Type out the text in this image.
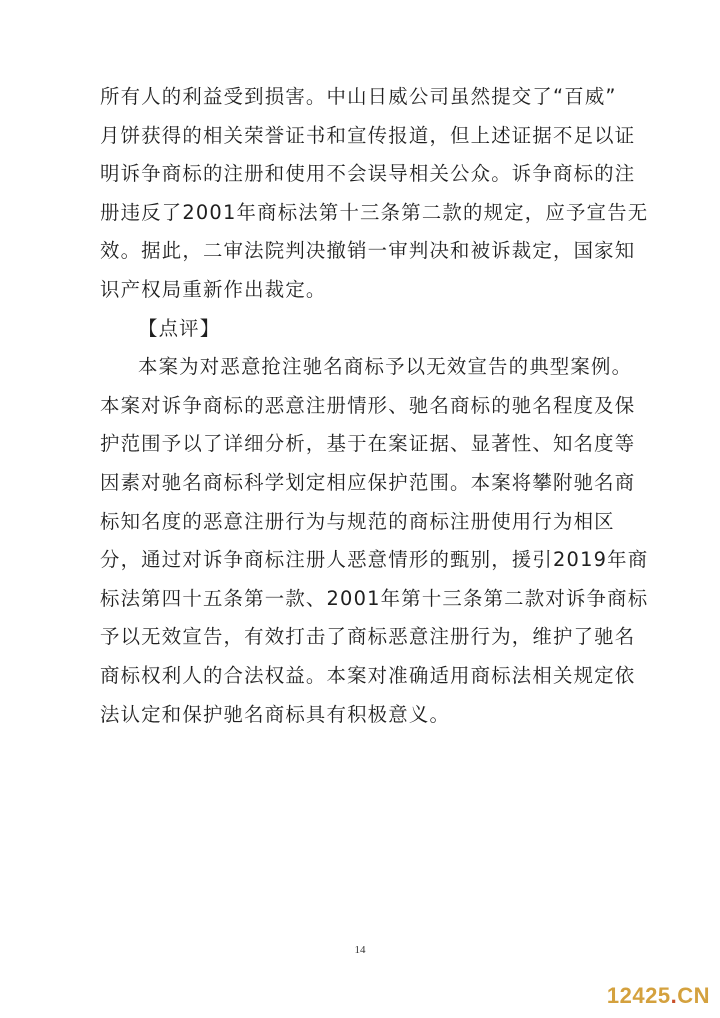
所有人的利益受到损害。中山日威公司虽然提交了“百威”
月饼获得的相关荣誉证书和宣传报道，但上述证据不足以证
明诉争商标的注册和使用不会误导相关公众。诉争商标的注
册违反了2001年商标法第十三条第二款的规定，应予宣告无
效。据此，二审法院判决撤销一审判决和被诉裁定，国家知
识产权局重新作出裁定。
【点评】
本案为对恶意抢注驰名商标予以无效宣告的典型案例。
本案对诉争商标的恶意注册情形、驰名商标的驰名程度及保
护范围予以了详细分析，基于在案证据、显著性、知名度等
因素对驰名商标科学划定相应保护范围。本案将攀附驰名商
标知名度的恶意注册行为与规范的商标注册使用行为相区
分，通过对诉争商标注册人恶意情形的甄别，援引2019年商
标法第四十五条第一款、2001年第十三条第二款对诉争商标
予以无效宣告，有效打击了商标恶意注册行为，维护了驰名
商标权利人的合法权益。本案对准确适用商标法相关规定依
法认定和保护驰名商标具有积极意义。
14
12425.CN
